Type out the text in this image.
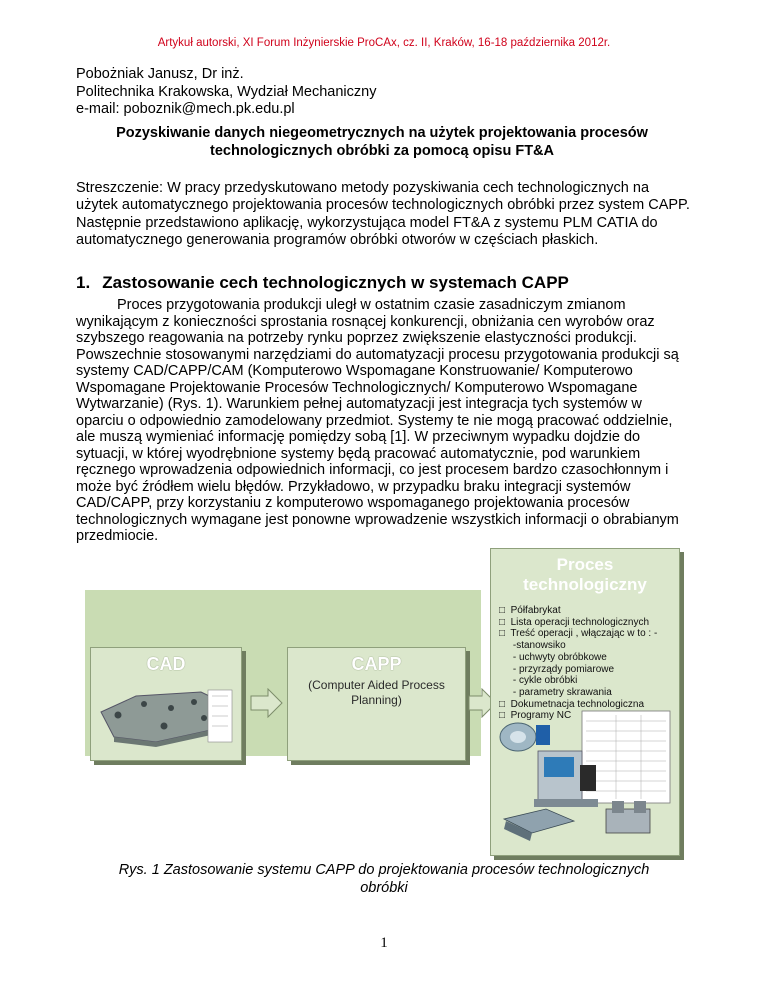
Artykuł autorski, XI Forum Inżynierskie ProCAx, cz. II, Kraków, 16-18 października 2012r.
Pobożniak Janusz, Dr inż.
Politechnika Krakowska, Wydział Mechaniczny
e-mail: poboznik@mech.pk.edu.pl
Pozyskiwanie danych niegeometrycznych na użytek projektowania procesów
technologicznych obróbki za pomocą opisu FT&A
Streszczenie: W pracy przedyskutowano metody pozyskiwania cech technologicznych na użytek automatycznego projektowania procesów technologicznych obróbki przez system CAPP. Następnie przedstawiono aplikację, wykorzystująca model FT&A z systemu PLM CATIA do automatycznego generowania programów obróbki otworów w częściach płaskich.
1. Zastosowanie cech technologicznych w systemach CAPP
Proces przygotowania produkcji uległ w ostatnim czasie zasadniczym zmianom wynikającym z konieczności sprostania rosnącej konkurencji, obniżania cen wyrobów oraz szybszego reagowania na potrzeby rynku poprzez zwiększenie elastyczności produkcji. Powszechnie stosowanymi narzędziami do automatyzacji procesu przygotowania produkcji są systemy CAD/CAPP/CAM (Komputerowo Wspomagane Konstruowanie/ Komputerowo Wspomagane Projektowanie Procesów Technologicznych/ Komputerowo Wspomagane Wytwarzanie) (Rys. 1). Warunkiem pełnej automatyzacji jest integracja tych systemów w oparciu o odpowiednio zamodelowany przedmiot. Systemy te nie mogą pracować oddzielnie, ale muszą wymieniać informację pomiędzy sobą [1]. W przeciwnym wypadku dojdzie do sytuacji, w której wyodrębnione systemy będą pracować automatycznie, pod warunkiem ręcznego wprowadzenia odpowiednich informacji, co jest procesem bardzo czasochłonnym i może być źródłem wielu błędów. Przykładowo, w przypadku braku integracji systemów CAD/CAPP, przy korzystaniu z komputerowo wspomaganego projektowania procesów technologicznych wymagane jest ponowne wprowadzenie wszystkich informacji o obrabianym przedmiocie.
CAD	CAPP
(Computer Aided Process
Planning)
Proces
technologiczny
□  Półfabrykat
□  Lista operacji technologicznych
□  Treść operacji , włączając w to : -
-stanowsiko
- uchwyty obróbkowe
- przyrządy pomiarowe
- cykle obróbki
- parametry skrawania
□  Dokumetnacja technologiczna
□  Programy NC
Rys. 1 Zastosowanie systemu CAPP do projektowania procesów technologicznych
obróbki
1
